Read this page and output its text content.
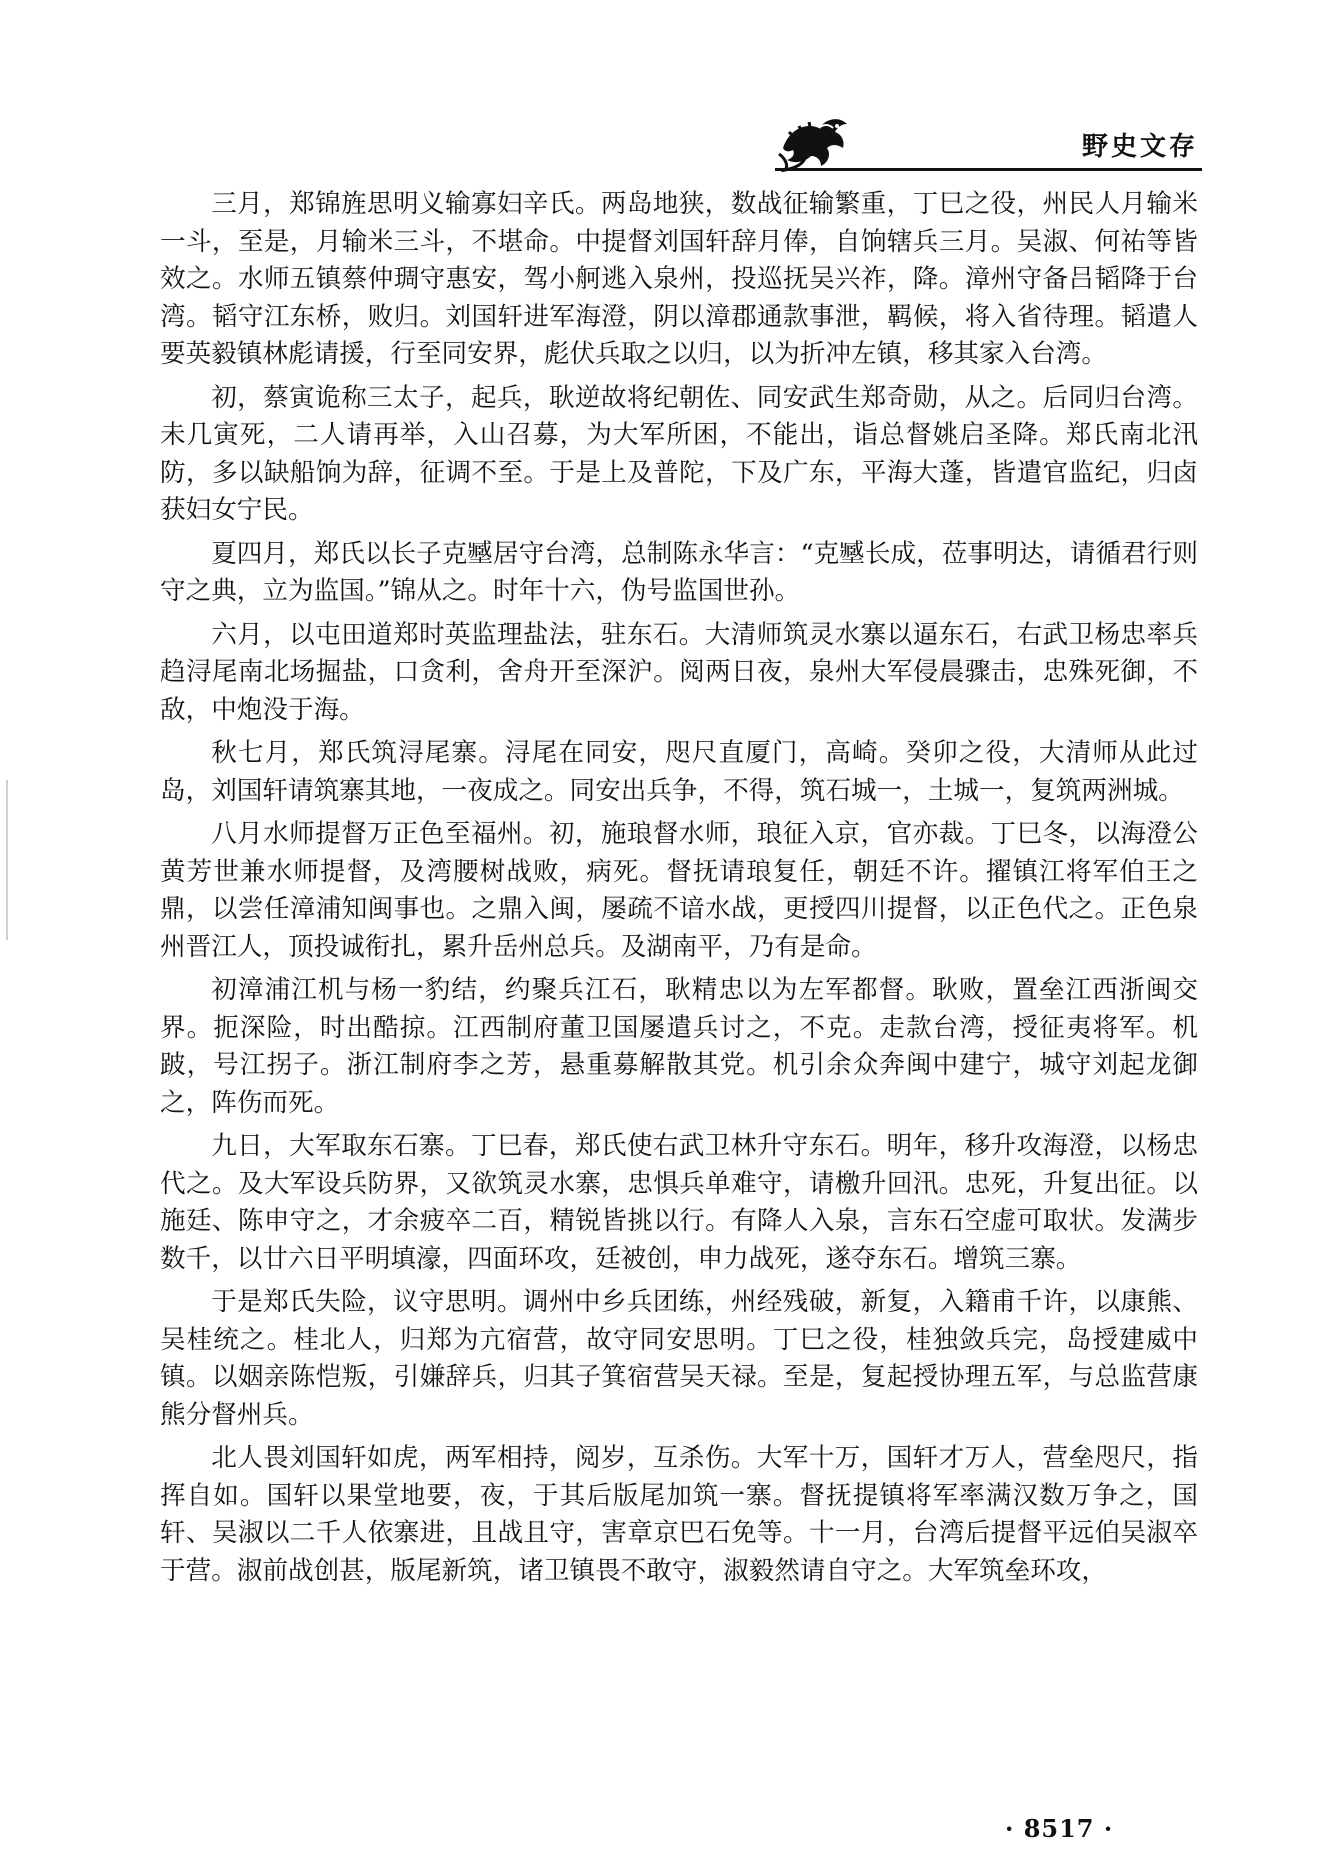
野史文存

三月，郑锦旌思明义输寡妇辛氏。两岛地狭，数战征输繁重，丁巳之役，州民人月输米一斗，至是，月输米三斗，不堪命。中提督刘国轩辞月俸，自饷辖兵三月。吴淑、何祐等皆效之。水师五镇蔡仲琱守惠安，驾小舸逃入泉州，投巡抚吴兴祚，降。漳州守备吕韬降于台湾。韬守江东桥，败归。刘国轩进军海澄，阴以漳郡通款事泄，羁候，将入省待理。韬遣人要英毅镇林彪请援，行至同安界，彪伏兵取之以归，以为折冲左镇，移其家入台湾。

初，蔡寅诡称三太子，起兵，耿逆故将纪朝佐、同安武生郑奇勋，从之。后同归台湾。未几寅死，二人请再举，入山召募，为大军所困，不能出，诣总督姚启圣降。郑氏南北汛防，多以缺船饷为辞，征调不至。于是上及普陀，下及广东，平海大蓬，皆遣官监纪，归卤获妇女宁民。

夏四月，郑氏以长子克𡒉居守台湾，总制陈永华言：“克𡒉长成，莅事明达，请循君行则守之典，立为监国。”锦从之。时年十六，伪号监国世孙。

六月，以屯田道郑时英监理盐法，驻东石。大清师筑灵水寨以逼东石，右武卫杨忠率兵趋浔尾南北场掘盐，口贪利，舍舟开至深沪。阅两日夜，泉州大军侵晨骤击，忠殊死御，不敌，中炮没于海。

秋七月，郑氏筑浔尾寨。浔尾在同安，咫尺直厦门，高崎。癸卯之役，大清师从此过岛，刘国轩请筑寨其地，一夜成之。同安出兵争，不得，筑石城一，土城一，复筑两洲城。

八月水师提督万正色至福州。初，施琅督水师，琅征入京，官亦裁。丁巳冬，以海澄公黄芳世兼水师提督，及湾腰树战败，病死。督抚请琅复任，朝廷不许。擢镇江将军伯王之鼎，以尝任漳浦知闽事也。之鼎入闽，屡疏不谙水战，更授四川提督，以正色代之。正色泉州晋江人，顶投诚衔扎，累升岳州总兵。及湖南平，乃有是命。

初漳浦江机与杨一豹结，约聚兵江石，耿精忠以为左军都督。耿败，置垒江西浙闽交界。扼深险，时出酷掠。江西制府董卫国屡遣兵讨之，不克。走款台湾，授征夷将军。机跛，号江拐子。浙江制府李之芳，悬重募解散其党。机引余众奔闽中建宁，城守刘起龙御之，阵伤而死。

九日，大军取东石寨。丁巳春，郑氏使右武卫林升守东石。明年，移升攻海澄，以杨忠代之。及大军设兵防界，又欲筑灵水寨，忠惧兵单难守，请檄升回汛。忠死，升复出征。以施廷、陈申守之，才余疲卒二百，精锐皆挑以行。有降人入泉，言东石空虚可取状。发满步数千，以廿六日平明填濠，四面环攻，廷被创，申力战死，遂夺东石。增筑三寨。

于是郑氏失险，议守思明。调州中乡兵团练，州经残破，新复，入籍甫千许，以康熊、吴桂统之。桂北人，归郑为亢宿营，故守同安思明。丁巳之役，桂独敛兵完，岛授建威中镇。以姻亲陈恺叛，引嫌辞兵，归其子箕宿营吴天禄。至是，复起授协理五军，与总监营康熊分督州兵。

北人畏刘国轩如虎，两军相持，阅岁，互杀伤。大军十万，国轩才万人，营垒咫尺，指挥自如。国轩以果堂地要，夜，于其后版尾加筑一寨。督抚提镇将军率满汉数万争之，国轩、吴淑以二千人依寨进，且战且守，害章京巴石免等。十一月，台湾后提督平远伯吴淑卒于营。淑前战创甚，版尾新筑，诸卫镇畏不敢守，淑毅然请自守之。大军筑垒环攻，

· 8517 ·
